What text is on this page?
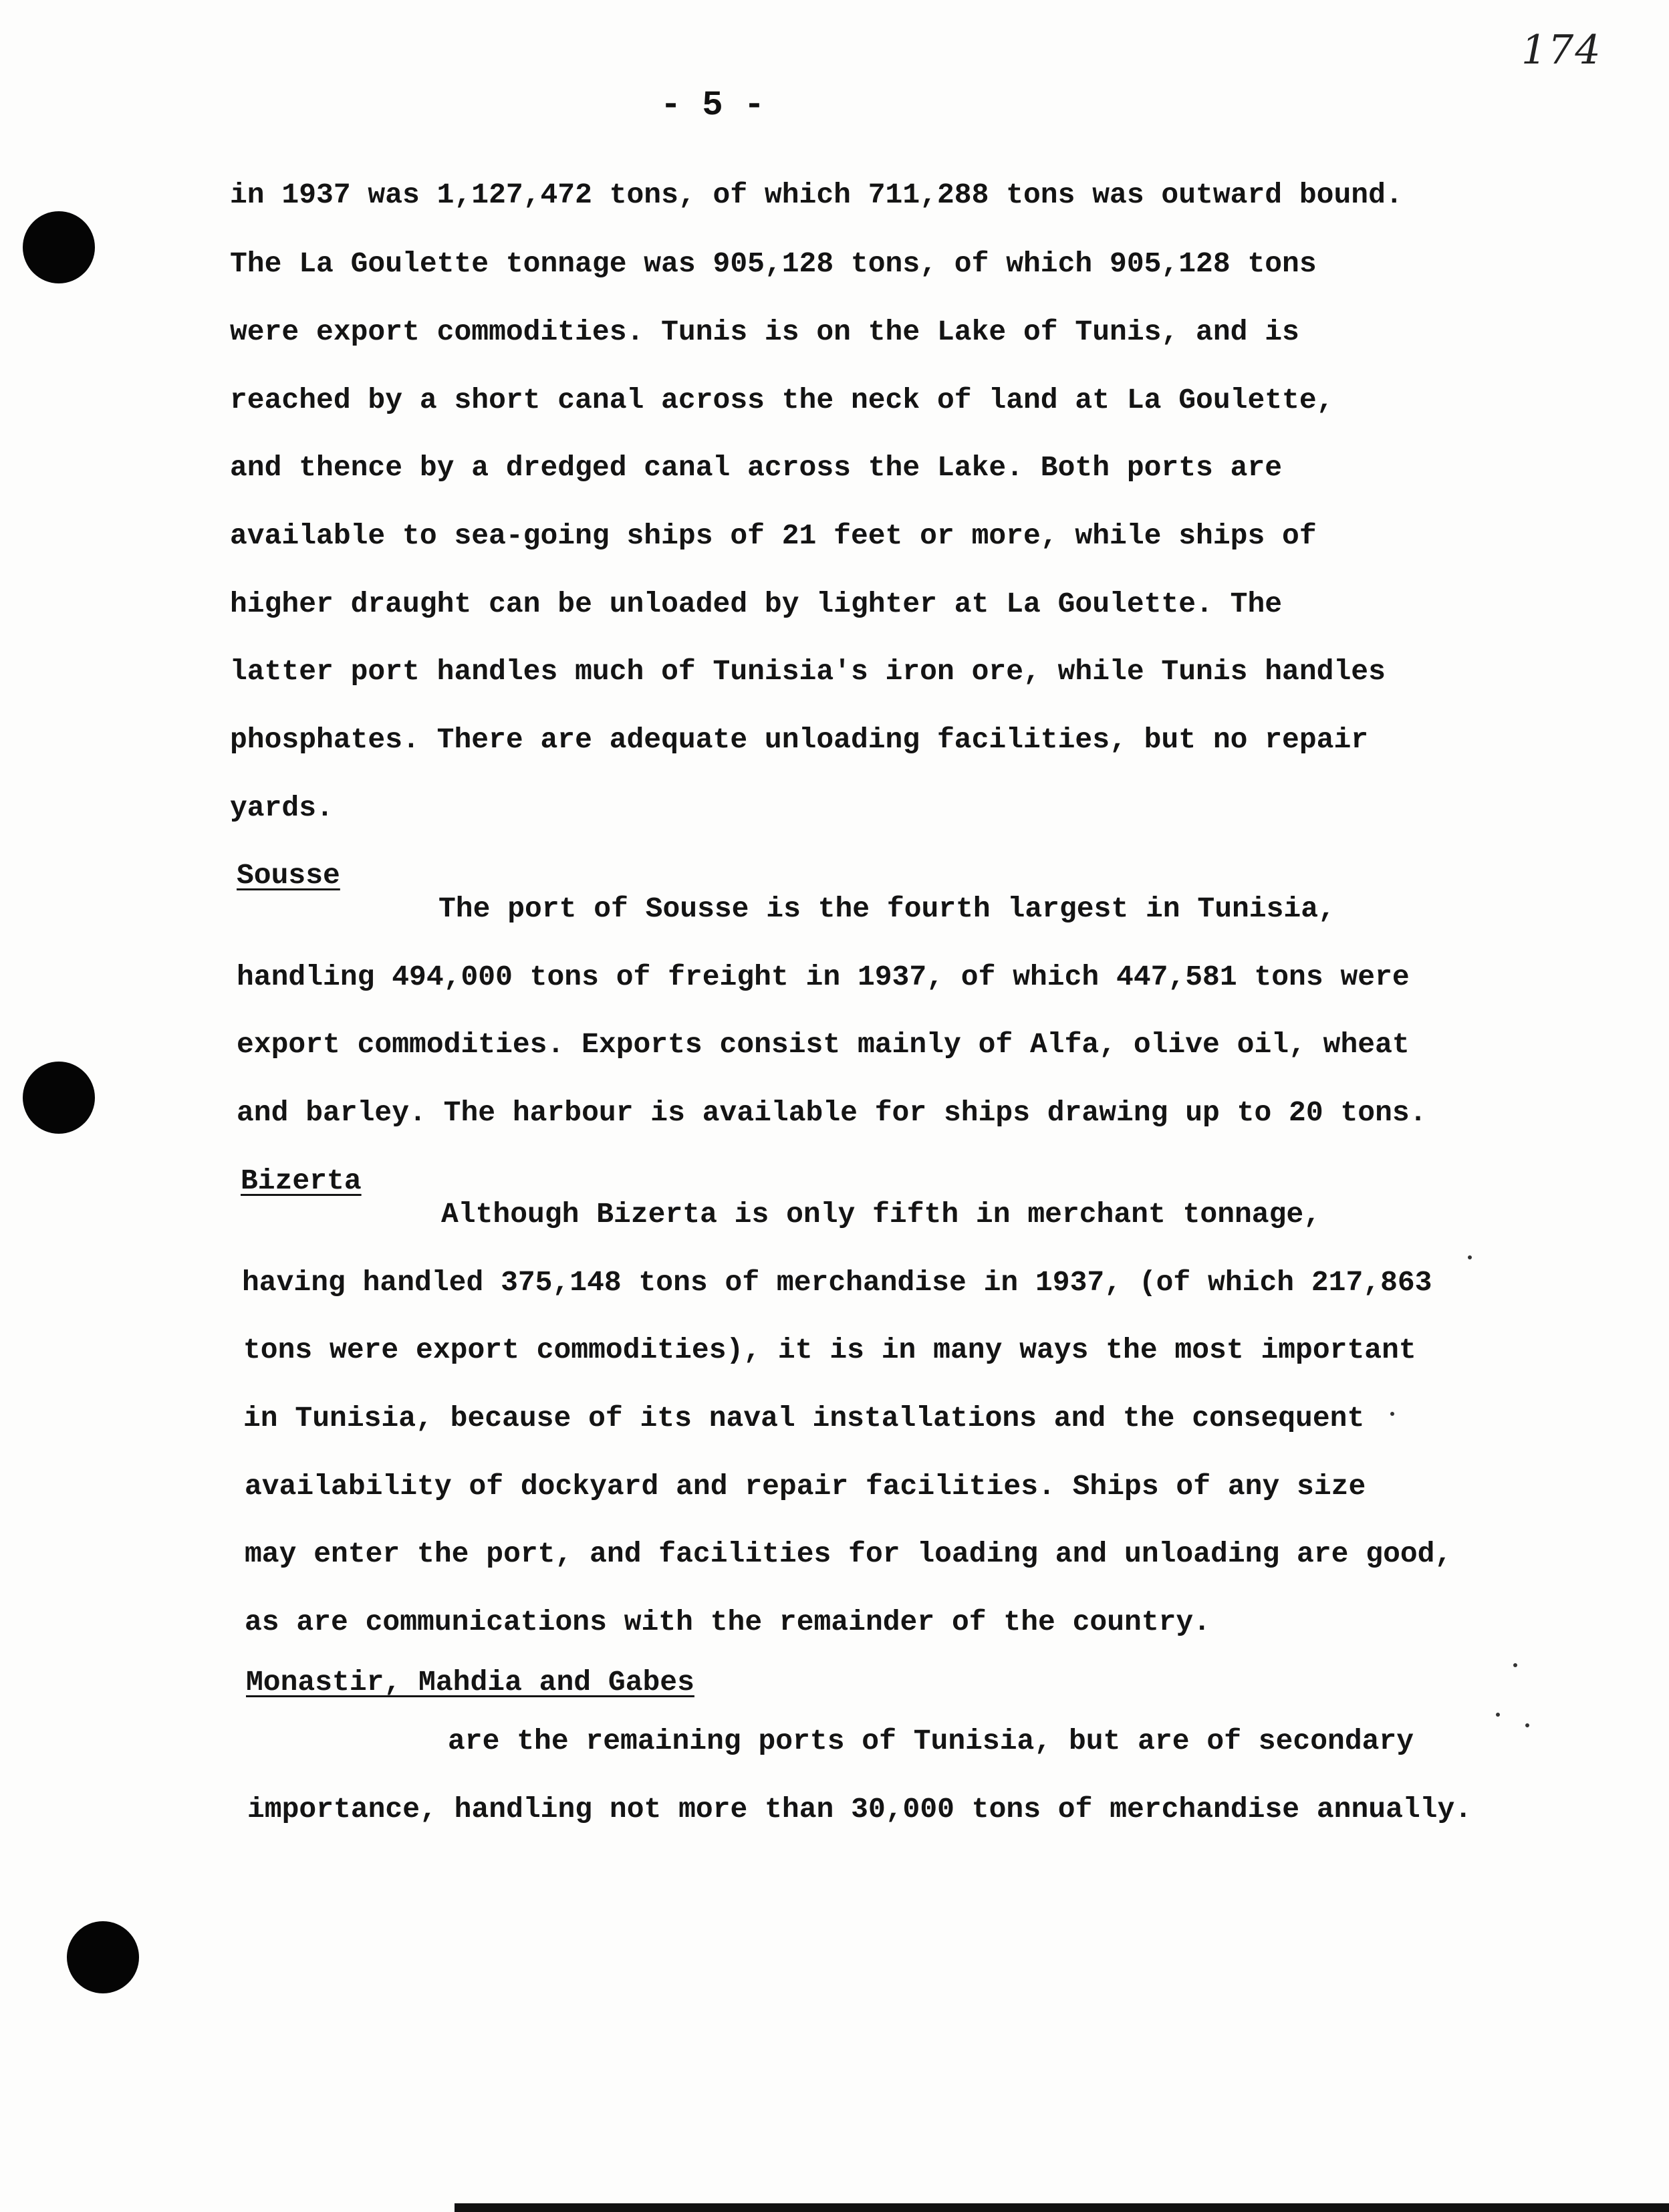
174
- 5 -
in 1937 was 1,127,472 tons, of which 711,288 tons was outward bound.
The La Goulette tonnage was 905,128 tons, of which 905,128 tons
were export commodities. Tunis is on the Lake of Tunis, and is
reached by a short canal across the neck of land at La Goulette,
and thence by a dredged canal across the Lake. Both ports are
available to sea-going ships of 21 feet or more, while ships of
higher draught can be unloaded by lighter at La Goulette. The
latter port handles much of Tunisia's iron ore, while Tunis handles
phosphates. There are adequate unloading facilities, but no repair
yards.
Sousse
The port of Sousse is the fourth largest in Tunisia,
handling 494,000 tons of freight in 1937, of which 447,581 tons were
export commodities. Exports consist mainly of Alfa, olive oil, wheat
and barley. The harbour is available for ships drawing up to 20 tons.
Bizerta
Although Bizerta is only fifth in merchant tonnage,
having handled 375,148 tons of merchandise in 1937, (of which 217,863
tons were export commodities), it is in many ways the most important
in Tunisia, because of its naval installations and the consequent
availability of dockyard and repair facilities. Ships of any size
may enter the port, and facilities for loading and unloading are good,
as are communications with the remainder of the country.
Monastir, Mahdia and Gabes
are the remaining ports of Tunisia, but are of secondary
importance, handling not more than 30,000 tons of merchandise annually.
